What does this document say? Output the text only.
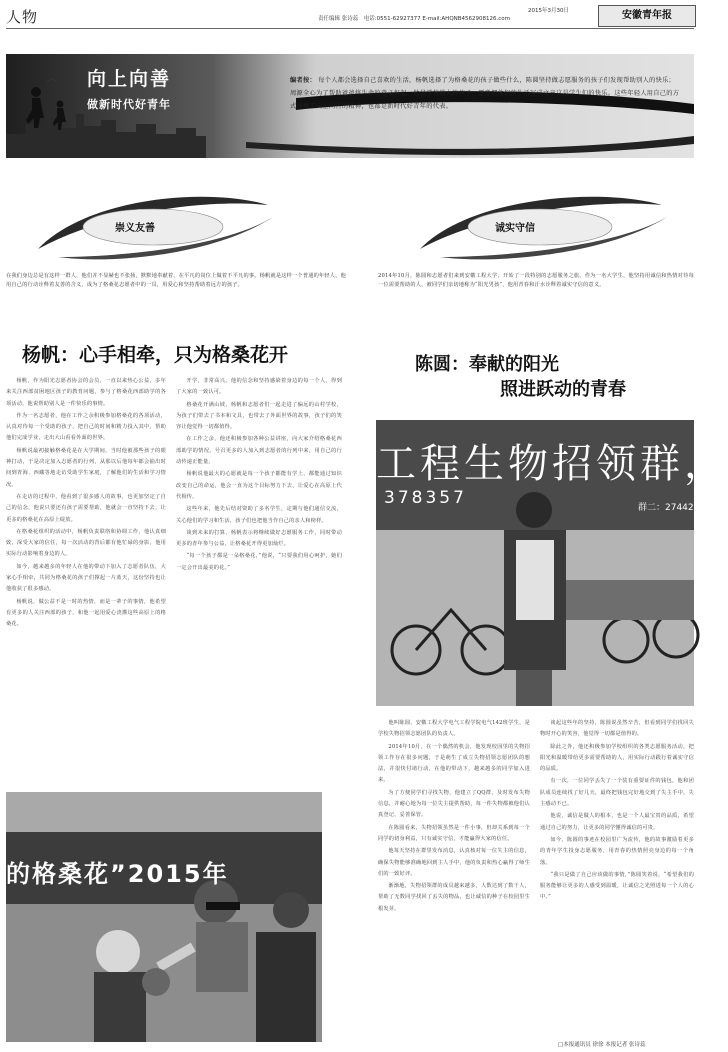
人物	责任编辑 张诗蕊　电话:0551-62927377 E-mail:AHQNB4562908126.com
2015年3月30日	安徽青年报
向上向善
做新时代好青年
编者按： 每个人都会选择自己喜欢的生活，杨帆选择了为格桑花的孩子做些什么，陈圆坚持做志愿服务的孩子们发现帮助别人的快乐；周源全心为了帮助爸爸将生命的意义担起，他是学校最大的孩子，愿意把他们的生活写成文章这是学生们的快乐。这些年轻人用自己的方式诠释了向上向善的精神，也都是新时代好青年的代表。
崇义友善	诚实守信
在我们身边总是有这样一群人，他们并不显赫也不张扬，默默地奉献着，在平凡的岗位上做着不平凡的事。杨帆就是这样一个普通的年轻人，他用自己的行动诠释着友善的含义，成为了格桑花志愿者中的一员，用爱心和坚持帮助着远方的孩子。
2014年10月，陈圆和志愿者们来到安徽工程大学，开始了一段特别的志愿服务之旅。作为一名大学生，他坚持用诚信和热情对待每一位需要帮助的人，被同学们亲切地称为“阳光男孩”，他用青春和汗水诠释着诚实守信的意义。
杨帆：心手相牵，只为格桑花开	陈圆：奉献的阳光
照进跃动的青春

杨帆，作为阳光志愿者协会的会员，一直以来热心公益，多年来关注西部贫困地区孩子的教育问题，参与了格桑花西部助学的各项活动，他说帮助别人是一件快乐的事情。

作为一名志愿者，他在工作之余积极参加格桑花的各项活动，认真对待每一个受助的孩子，把自己的时间和精力投入其中，帮助他们完成学业，走出大山看看外面的世界。

杨帆说最初接触格桑花是在大学期间，当时他被那些孩子的眼神打动，于是决定加入志愿者的行列，从那以后他每年都会抽出时间到青海、西藏等地走访受助学生家庭，了解他们的生活和学习情况。

在走访的过程中，他看到了很多感人的故事，也更加坚定了自己的信念，他说只要还有孩子需要帮助，他就会一直坚持下去，让更多的格桑花在高原上绽放。

在格桑花组织的活动中，杨帆负责联络和协调工作，他认真细致，深受大家的信任，每一次活动的背后都有他忙碌的身影，他用实际行动影响着身边的人。

如今，越来越多的年轻人在他的带动下加入了志愿者队伍，大家心手相牵，共同为格桑花的孩子们撑起一片蓝天，这份坚持也让他收获了很多感动。

杨帆说，做公益不是一时的热情，而是一辈子的事情，他希望有更多的人关注西部的孩子，和他一起用爱心浇灌这些高原上的格桑花。

开学，非常高兴。他的信念和坚持感染着身边的每一个人，得到了大家的一致认可。

格桑花开满山坡，杨帆和志愿者们一起走进了偏远的山村学校，为孩子们带去了书本和文具，也带去了外面世界的故事，孩子们的笑容让他觉得一切都值得。

在工作之余，他还积极参加各种公益讲座，向大家介绍格桑花西部助学的情况，号召更多的人加入到志愿者的行列中来，用自己的行动传递正能量。

杨帆说他最大的心愿就是每一个孩子都能有学上，都能通过知识改变自己的命运，他会一直为这个目标努力下去，让爱心在高原上代代相传。

这些年来，他先后结对资助了多名学生，定期与他们通信交流，关心他们的学习和生活，孩子们也把他当作自己的亲人和榜样。

谈到未来的打算，杨帆表示将继续做好志愿服务工作，同时带动更多的青年参与公益，让格桑花开得更加灿烂。

“每一个孩子都是一朵格桑花，”他说，“只要我们用心呵护，她们一定会开出最美的花。”

的格桑花”2015年
工程生物招领群，
378357	群二：27442080

他叫陈圆，安徽工程大学电气工程学院电气142班学生，是学校失物招领志愿团队的负责人。

2014年10月，在一个偶然的机会，他发现校园里的失物招领工作存在很多问题，于是萌生了成立失物招领志愿团队的想法，并很快付诸行动，在他的带动下，越来越多的同学加入进来。

为了方便同学们寻找失物，他建立了QQ群，及时发布失物信息，并耐心地为每一位失主提供帮助，每一件失物都被他们认真登记、妥善保管。

在陈圆看来，失物招领虽然是一件小事，但却关系到每一个同学的切身利益，只有诚实守信，才能赢得大家的信任。

他每天坚持在群里发布消息，认真核对每一位失主的信息，确保失物能够准确地回到主人手中，他的负责和热心赢得了师生们的一致好评。

渐渐地，失物招领群的成员越来越多，人数达到了数千人，帮助了无数同学找回了丢失的物品，也让诚信的种子在校园里生根发芽。

谈起这些年的坚持，陈圆说虽然辛苦，但看到同学们找回失物时开心的笑容，他觉得一切都是值得的。

除此之外，他还积极参加学校组织的各类志愿服务活动，把阳光和温暖带给更多需要帮助的人，用实际行动践行着诚实守信的品质。

有一次，一位同学丢失了一个装有重要证件的钱包，他和团队成员连续找了好几天，最终把钱包完好地交到了失主手中，失主感动不已。

他说，诚信是做人的根本，也是一个人最宝贵的品质，希望通过自己的努力，让更多的同学懂得诚信的可贵。

如今，陈圆的事迹在校园里广为流传，他的故事激励着更多的青年学生投身志愿服务，用青春的热情照亮身边的每一个角落。

“我只是做了自己应该做的事情，”陈圆笑着说，“希望我们的服务能够让更多的人感受到温暖，让诚信之光照进每一个人的心中。”

□本报通讯员 徐徐 本报记者 张诗蕊
